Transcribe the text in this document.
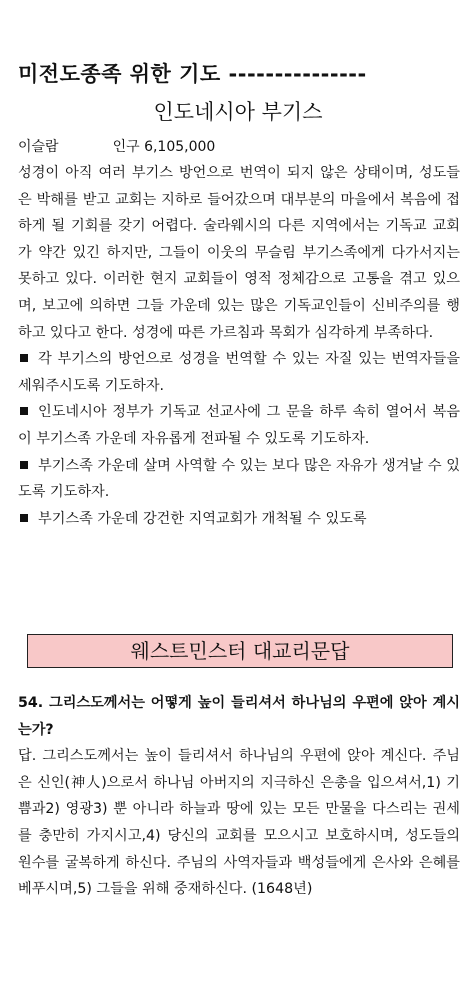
미전도종족 위한 기도 ---------------
인도네시아 부기스
이슬람	인구 6,105,000

성경이 아직 여러 부기스 방언으로 번역이 되지 않은 상태이며, 성도들은 박해를 받고 교회는 지하로 들어갔으며 대부분의 마을에서 복음에 접하게 될 기회를 갖기 어렵다. 술라웨시의 다른 지역에서는 기독교 교회가 약간 있긴 하지만, 그들이 이웃의 무슬림 부기스족에게 다가서지는 못하고 있다. 이러한 현지 교회들이 영적 정체감으로 고통을 겪고 있으며, 보고에 의하면 그들 가운데 있는 많은 기독교인들이 신비주의를 행하고 있다고 한다. 성경에 따른 가르침과 목회가 심각하게 부족하다.

각 부기스의 방언으로 성경을 번역할 수 있는 자질 있는 번역자들을 세워주시도록 기도하자.

인도네시아 정부가 기독교 선교사에 그 문을 하루 속히 열어서 복음이 부기스족 가운데 자유롭게 전파될 수 있도록 기도하자.

부기스족 가운데 살며 사역할 수 있는 보다 많은 자유가 생겨날 수 있도록 기도하자.

부기스족 가운데 강건한 지역교회가 개척될 수 있도록

웨스트민스터 대교리문답

54. 그리스도께서는 어떻게 높이 들리셔서 하나님의 우편에 앉아 계시는가?

답. 그리스도께서는 높이 들리셔서 하나님의 우편에 앉아 계신다. 주님은 신인(神人)으로서 하나님 아버지의 지극하신 은총을 입으셔서,1) 기쁨과2) 영광3) 뿐 아니라 하늘과 땅에 있는 모든 만물을 다스리는 권세를 충만히 가지시고,4) 당신의 교회를 모으시고 보호하시며, 성도들의 원수를 굴복하게 하신다. 주님의 사역자들과 백성들에게 은사와 은혜를 베푸시며,5) 그들을 위해 중재하신다. (1648년)
